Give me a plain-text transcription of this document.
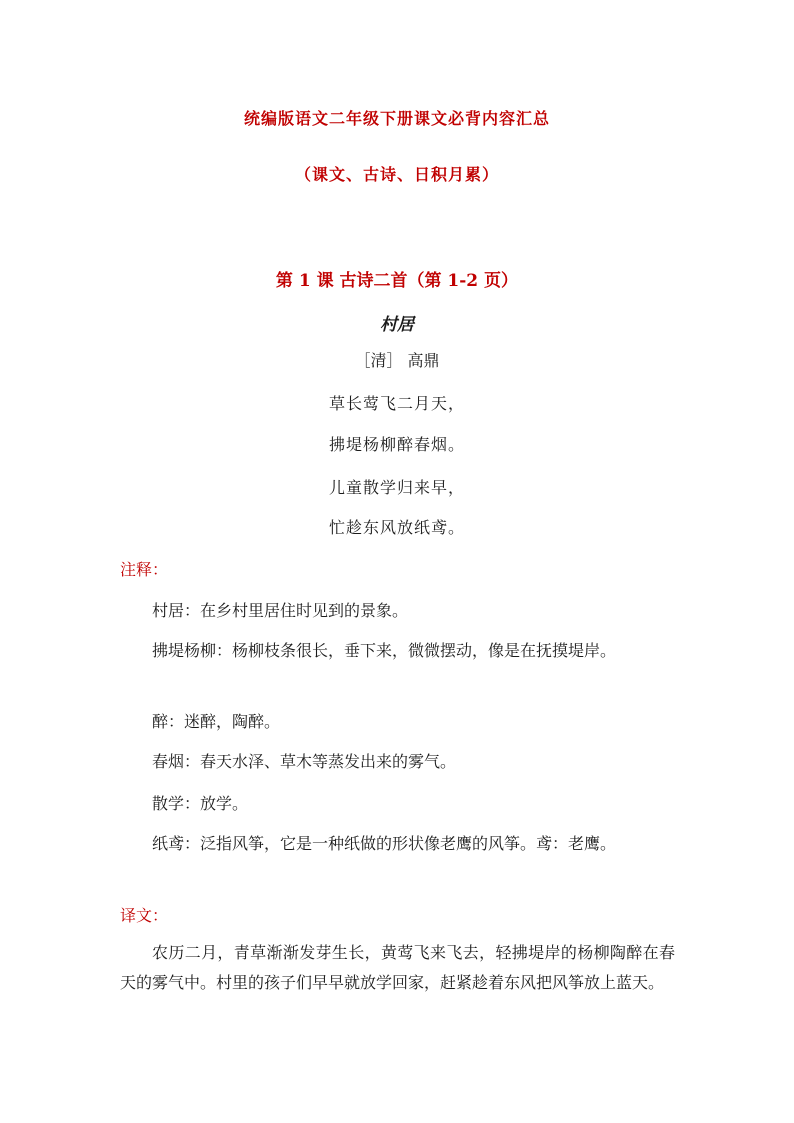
统编版语文二年级下册课文必背内容汇总
（课文、古诗、日积月累）
第 1 课 古诗二首（第 1-2 页）
村居
［清］ 高鼎
草长莺飞二月天，
拂堤杨柳醉春烟。
儿童散学归来早，
忙趁东风放纸鸢。
注释：
村居：在乡村里居住时见到的景象。
拂堤杨柳：杨柳枝条很长，垂下来，微微摆动，像是在抚摸堤岸。
醉：迷醉，陶醉。
春烟：春天水泽、草木等蒸发出来的雾气。
散学：放学。
纸鸢：泛指风筝，它是一种纸做的形状像老鹰的风筝。鸢：老鹰。
译文：
农历二月，青草渐渐发芽生长，黄莺飞来飞去，轻拂堤岸的杨柳陶醉在春天的雾气中。村里的孩子们早早就放学回家，赶紧趁着东风把风筝放上蓝天。
